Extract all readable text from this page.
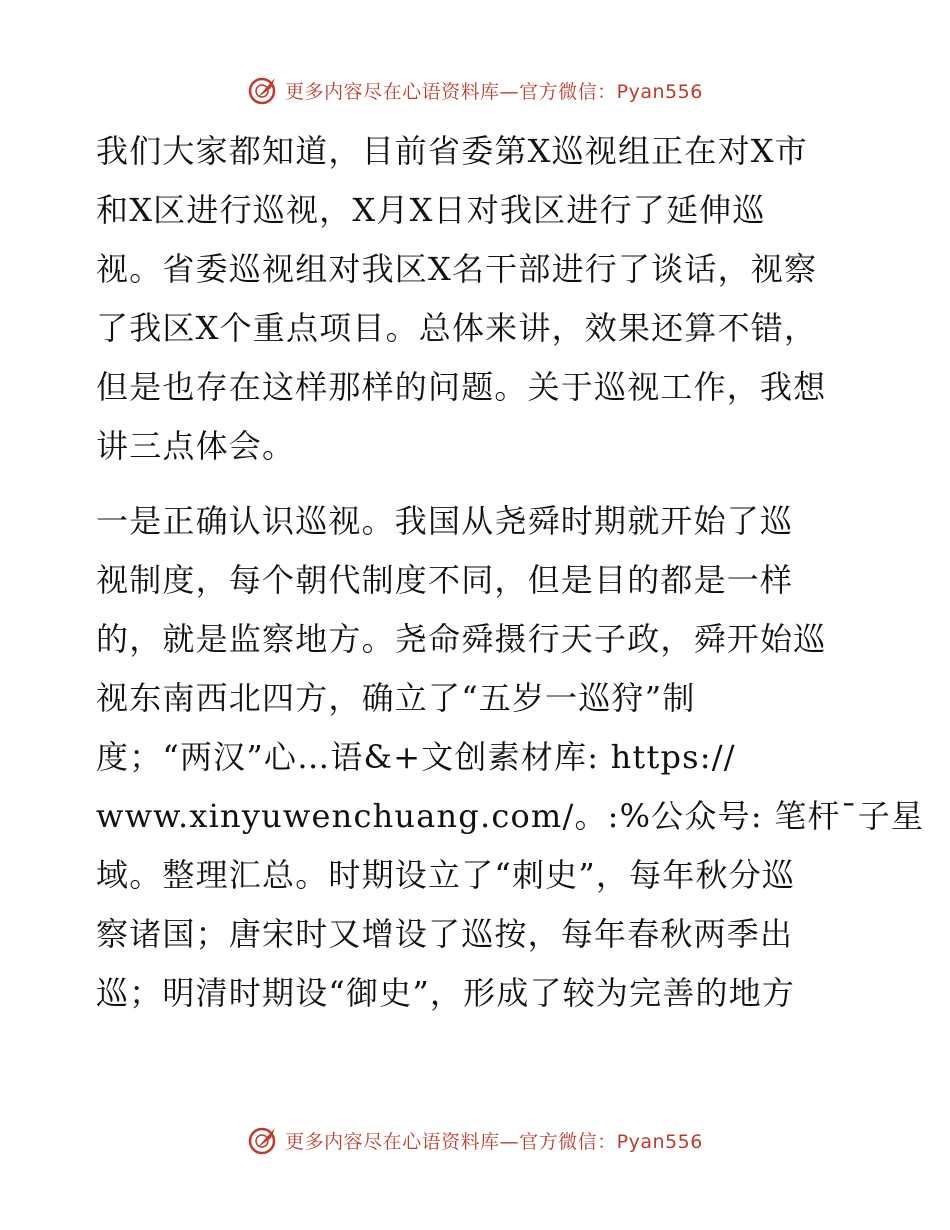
更多内容尽在心语资料库—官方微信：Pyan556

我们大家都知道，目前省委第X巡视组正在对X市
和X区进行巡视，X月X日对我区进行了延伸巡
视。省委巡视组对我区X名干部进行了谈话，视察
了我区X个重点项目。总体来讲，效果还算不错，
但是也存在这样那样的问题。关于巡视工作，我想
讲三点体会。

一是正确认识巡视。我国从尧舜时期就开始了巡
视制度，每个朝代制度不同，但是目的都是一样
的，就是监察地方。尧命舜摄行天子政，舜开始巡
视东南西北四方，确立了“五岁一巡狩”制
度；“两汉”心…语&+文创素材库: https://
www.xinyuwenchuang.com/。:%公众号: 笔杆¯子星
域。整理汇总。时期设立了“刺史”，每年秋分巡
察诸国；唐宋时又增设了巡按，每年春秋两季出
巡；明清时期设“御史”，形成了较为完善的地方

更多内容尽在心语资料库—官方微信：Pyan556
